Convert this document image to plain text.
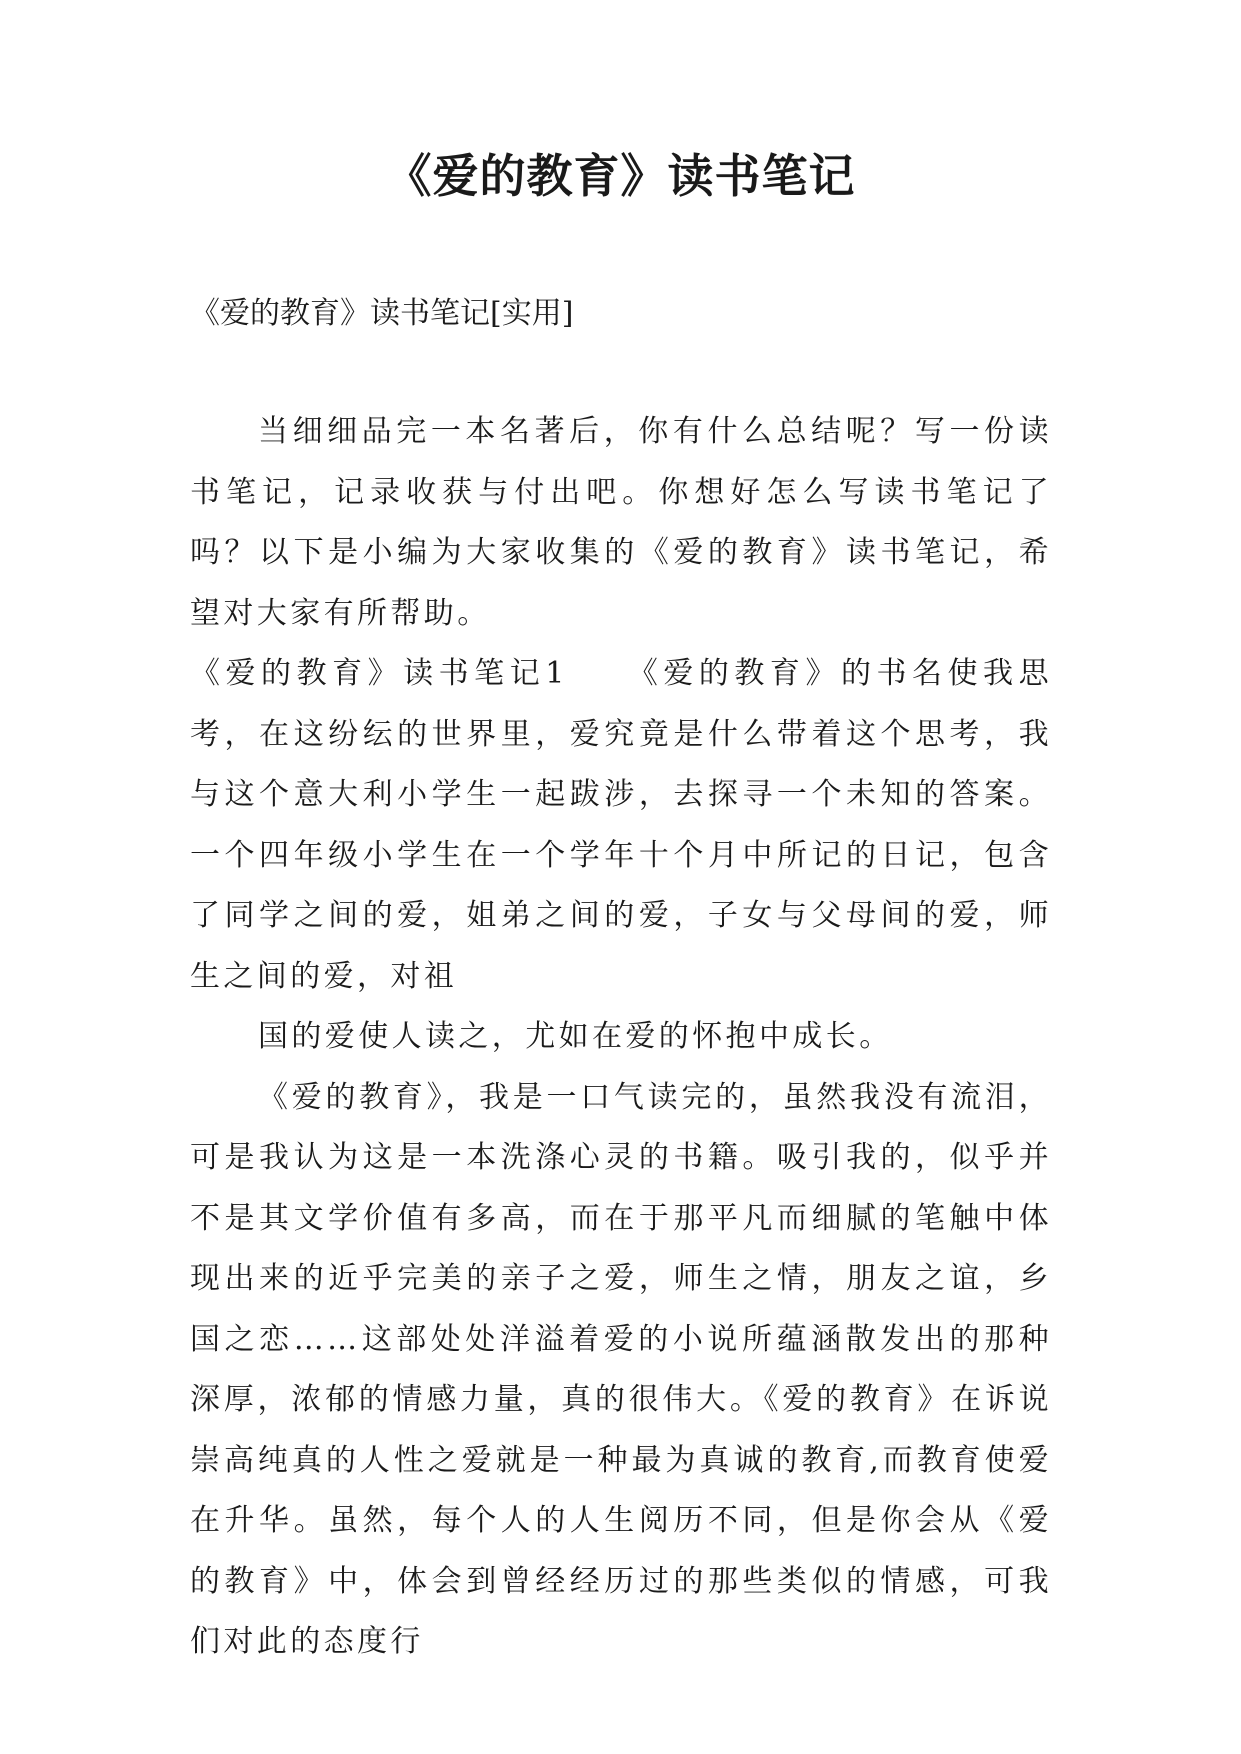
《爱的教育》读书笔记

《爱的教育》读书笔记[实用]

当细细品完一本名著后，你有什么总结呢？写一份读书笔记，记录收获与付出吧。你想好怎么写读书笔记了吗？以下是小编为大家收集的《爱的教育》读书笔记，希望对大家有所帮助。

《爱的教育》读书笔记1 《爱的教育》的书名使我思考，在这纷纭的世界里，爱究竟是什么带着这个思考，我与这个意大利小学生一起跋涉，去探寻一个未知的答案。一个四年级小学生在一个学年十个月中所记的日记，包含了同学之间的爱，姐弟之间的爱，子女与父母间的爱，师生之间的爱，对祖

国的爱使人读之，尤如在爱的怀抱中成长。

《爱的教育》，我是一口气读完的，虽然我没有流泪，可是我认为这是一本洗涤心灵的书籍。吸引我的，似乎并不是其文学价值有多高，而在于那平凡而细腻的笔触中体现出来的近乎完美的亲子之爱，师生之情，朋友之谊，乡国之恋……这部处处洋溢着爱的小说所蕴涵散发出的那种深厚，浓郁的情感力量，真的很伟大。《爱的教育》在诉说崇高纯真的人性之爱就是一种最为真诚的教育,而教育使爱在升华。虽然，每个人的人生阅历不同，但是你会从《爱的教育》中，体会到曾经经历过的那些类似的情感，可我们对此的态度行
